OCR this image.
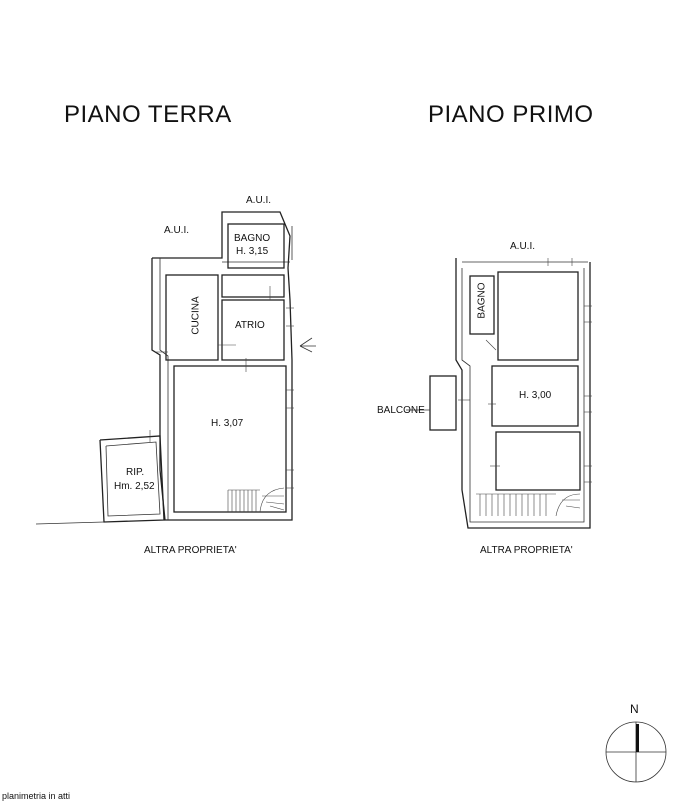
PIANO TERRA	PIANO PRIMO
A.U.I.
A.U.I.
BAGNO
H. 3,15
CUCINA	ATRIO
H. 3,07
RIP.
Hm. 2,52
ALTRA PROPRIETA'
A.U.I.
BAGNO
H. 3,00
BALCONE
ALTRA PROPRIETA'
N
planimetria in atti
